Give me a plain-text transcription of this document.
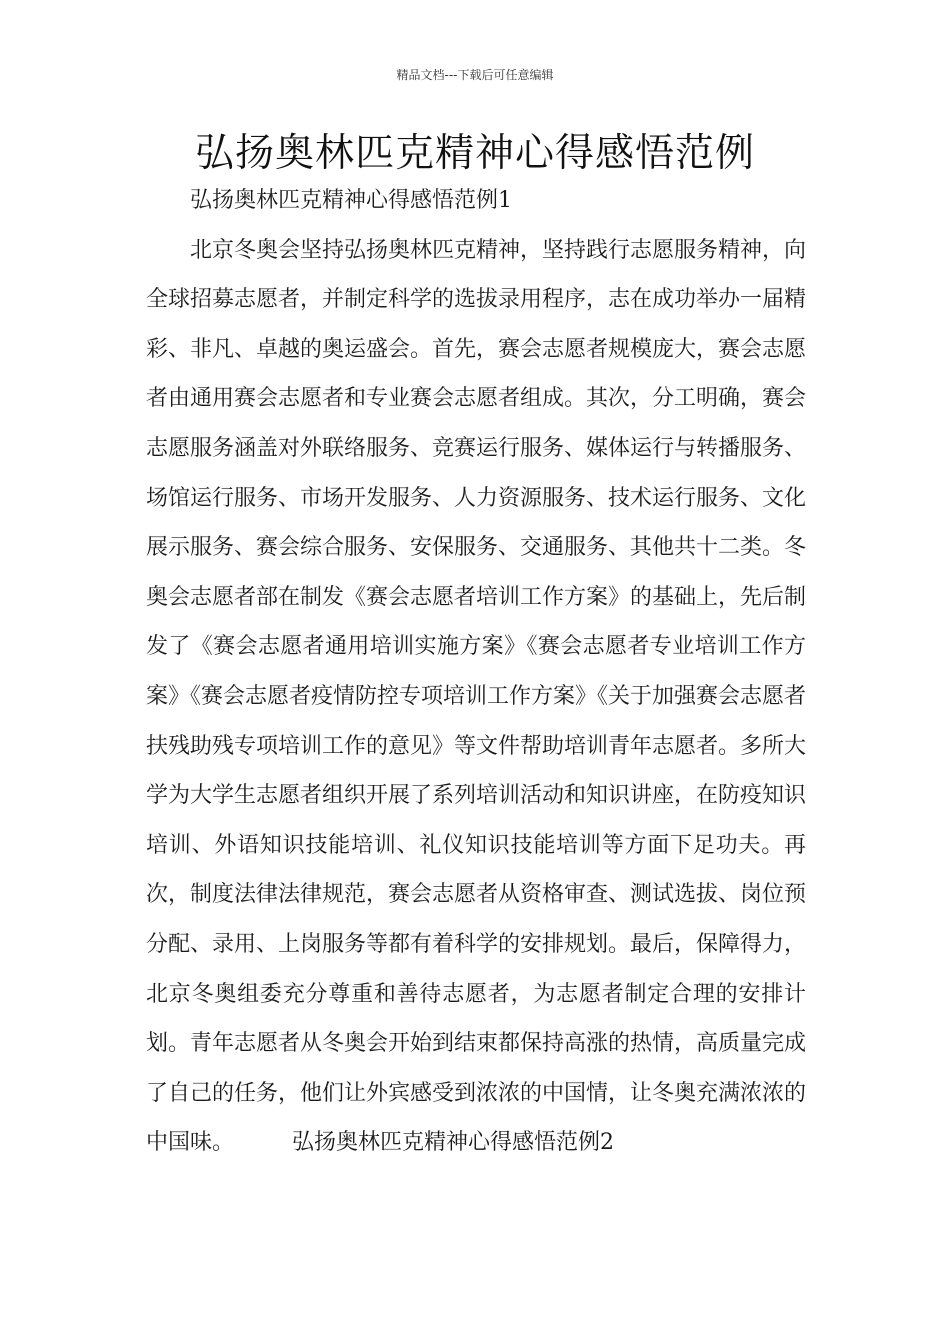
精品文档---下载后可任意编辑
弘扬奥林匹克精神心得感悟范例

弘扬奥林匹克精神心得感悟范例1

北京冬奥会坚持弘扬奥林匹克精神，坚持践行志愿服务精神，向全球招募志愿者，并制定科学的选拔录用程序，志在成功举办一届精彩、非凡、卓越的奥运盛会。首先，赛会志愿者规模庞大，赛会志愿者由通用赛会志愿者和专业赛会志愿者组成。其次，分工明确，赛会志愿服务涵盖对外联络服务、竞赛运行服务、媒体运行与转播服务、场馆运行服务、市场开发服务、人力资源服务、技术运行服务、文化展示服务、赛会综合服务、安保服务、交通服务、其他共十二类。冬奥会志愿者部在制发《赛会志愿者培训工作方案》的基础上，先后制发了《赛会志愿者通用培训实施方案》《赛会志愿者专业培训工作方案》《赛会志愿者疫情防控专项培训工作方案》《关于加强赛会志愿者扶残助残专项培训工作的意见》等文件帮助培训青年志愿者。多所大学为大学生志愿者组织开展了系列培训活动和知识讲座，在防疫知识培训、外语知识技能培训、礼仪知识技能培训等方面下足功夫。再次，制度法律法律规范，赛会志愿者从资格审查、测试选拔、岗位预分配、录用、上岗服务等都有着科学的安排规划。最后，保障得力，北京冬奥组委充分尊重和善待志愿者，为志愿者制定合理的安排计划。青年志愿者从冬奥会开始到结束都保持高涨的热情，高质量完成了自己的任务，他们让外宾感受到浓浓的中国情，让冬奥充满浓浓的中国味。	弘扬奥林匹克精神心得感悟范例2
